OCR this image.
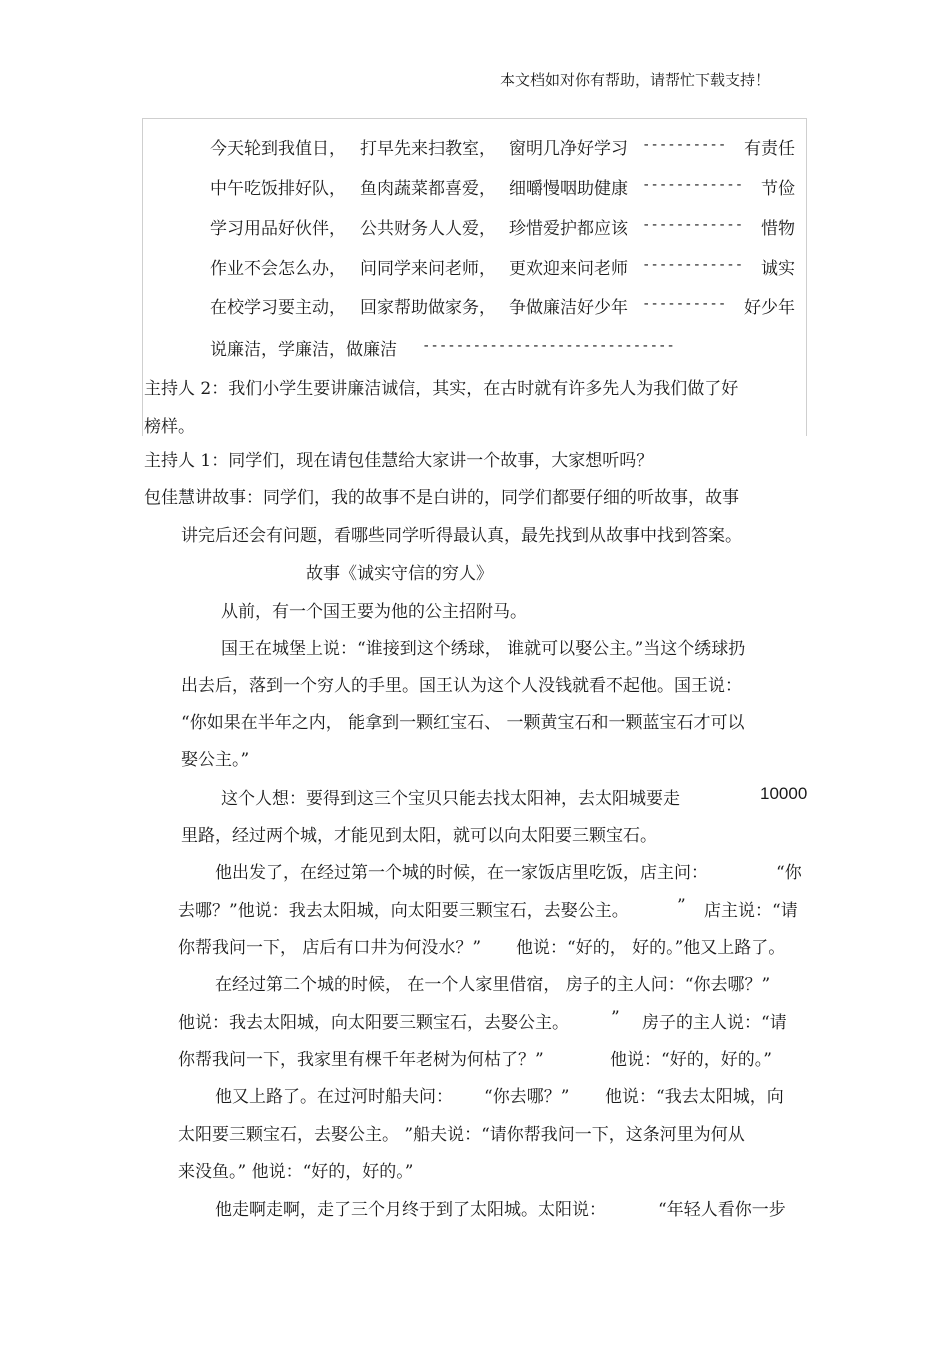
本文档如对你有帮助，请帮忙下载支持！
今天轮到我值日， 打早先来扫教室， 窗明几净好学习 ---------- 有责任
中午吃饭排好队， 鱼肉蔬菜都喜爱， 细嚼慢咽助健康 ------------ 节俭
学习用品好伙伴， 公共财务人人爱， 珍惜爱护都应该 ------------ 惜物
作业不会怎么办， 问同学来问老师， 更欢迎来问老师 ------------ 诚实
在校学习要主动， 回家帮助做家务， 争做廉洁好少年 ---------- 好少年
说廉洁，学廉洁，做廉洁 ------------------------------
主持人 2：我们小学生要讲廉洁诚信，其实，在古时就有许多先人为我们做了好
榜样。
主持人 1：同学们，现在请包佳慧给大家讲一个故事，大家想听吗？
包佳慧讲故事：同学们，我的故事不是白讲的，同学们都要仔细的听故事，故事
讲完后还会有问题，看哪些同学听得最认真，最先找到从故事中找到答案。
故事《诚实守信的穷人》
从前，有一个国王要为他的公主招附马。
国王在城堡上说：“谁接到这个绣球， 谁就可以娶公主。”当这个绣球扔
出去后，落到一个穷人的手里。国王认为这个人没钱就看不起他。国王说：
“你如果在半年之内， 能拿到一颗红宝石、 一颗黄宝石和一颗蓝宝石才可以
娶公主。”
这个人想：要得到这三个宝贝只能去找太阳神，去太阳城要走	10000
里路，经过两个城，才能见到太阳，就可以向太阳要三颗宝石。
他出发了，在经过第一个城的时候，在一家饭店里吃饭，店主问：	“你
去哪？”他说：我去太阳城，向太阳要三颗宝石，去娶公主。	” 店主说：“请
你帮我问一下， 店后有口井为何没水？” 他说：“好的， 好的。”他又上路了。
在经过第二个城的时候， 在一个人家里借宿， 房子的主人问：“你去哪？”
他说：我去太阳城，向太阳要三颗宝石，去娶公主。 ” 房子的主人说：“请
你帮我问一下，我家里有棵千年老树为何枯了？”	他说：“好的，好的。”
他又上路了。在过河时船夫问： “你去哪？” 他说：“我去太阳城，向
太阳要三颗宝石，去娶公主。 ”船夫说：“请你帮我问一下，这条河里为何从
来没鱼。” 他说：“好的，好的。”
他走啊走啊，走了三个月终于到了太阳城。太阳说：	“年轻人看你一步
